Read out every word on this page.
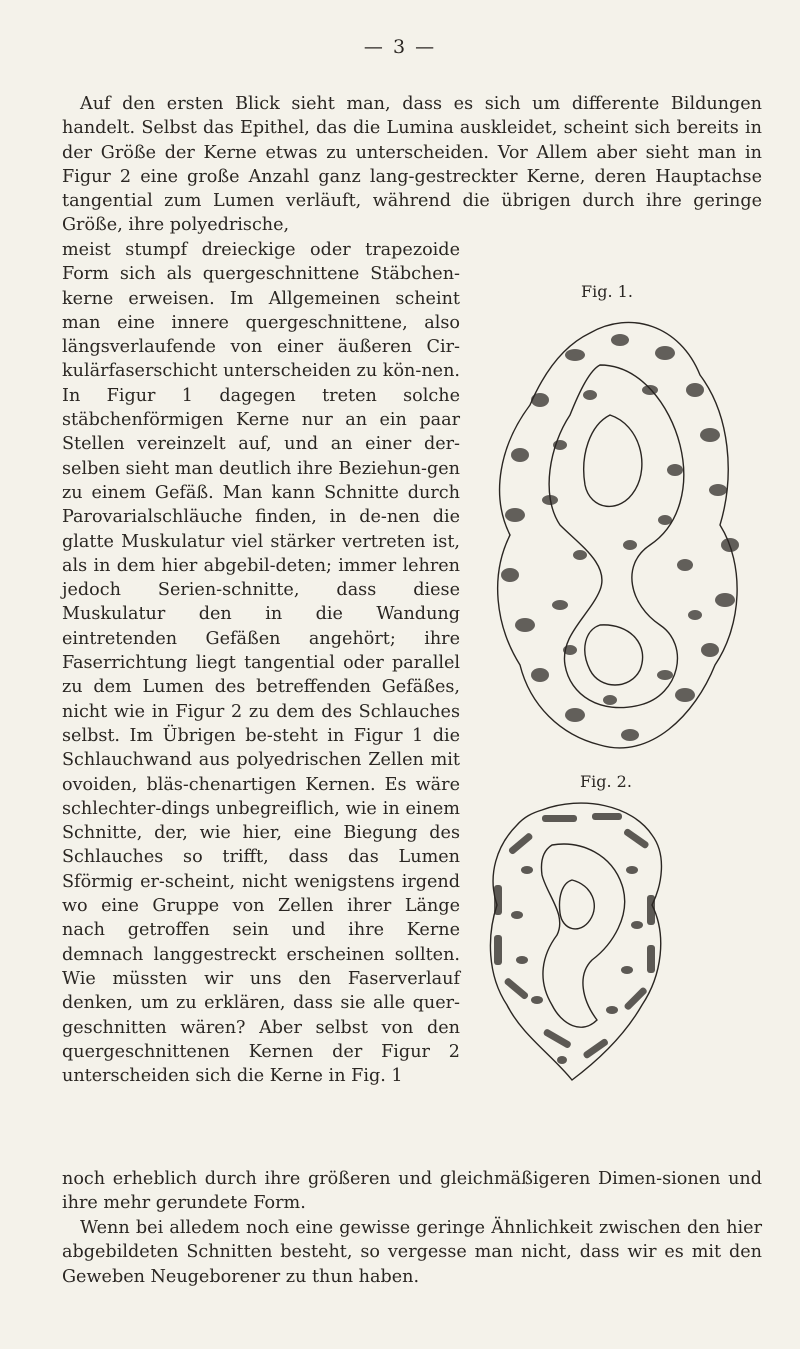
— 3 —

Auf den ersten Blick sieht man, dass es sich um differente Bildungen handelt. Selbst das Epithel, das die Lumina auskleidet, scheint sich bereits in der Größe der Kerne etwas zu unterscheiden. Vor Allem aber sieht man in Figur 2 eine große Anzahl ganz lang-gestreckter Kerne, deren Hauptachse tangential zum Lumen verläuft, während die übrigen durch ihre geringe Größe, ihre polyedrische,

meist stumpf dreieckige oder trapezoide Form sich als quergeschnittene Stäbchen-kerne erweisen. Im Allgemeinen scheint man eine innere quergeschnittene, also längsverlaufende von einer äußeren Cir-kulärfaserschicht unterscheiden zu kön-nen. In Figur 1 dagegen treten solche stäbchenförmigen Kerne nur an ein paar Stellen vereinzelt auf, und an einer der-selben sieht man deutlich ihre Beziehun-gen zu einem Gefäß. Man kann Schnitte durch Parovarialschläuche finden, in de-nen die glatte Muskulatur viel stärker vertreten ist, als in dem hier abgebil-deten; immer lehren jedoch Serien-schnitte, dass diese Muskulatur den in die Wandung eintretenden Gefäßen angehört; ihre Faserrichtung liegt tangential oder parallel zu dem Lumen des betreffenden Gefäßes, nicht wie in Figur 2 zu dem des Schlauches selbst. Im Übrigen be-steht in Figur 1 die Schlauchwand aus polyedrischen Zellen mit ovoiden, bläs-chenartigen Kernen. Es wäre schlechter-dings unbegreiflich, wie in einem Schnitte, der, wie hier, eine Biegung des Schlauches so trifft, dass das Lumen Sförmig er-scheint, nicht wenigstens irgend wo eine Gruppe von Zellen ihrer Länge nach getroffen sein und ihre Kerne demnach langgestreckt erscheinen sollten. Wie müssten wir uns den Faserverlauf denken, um zu erklären, dass sie alle quer-geschnitten wären? Aber selbst von den quergeschnittenen Kernen der Figur 2 unterscheiden sich die Kerne in Fig. 1

noch erheblich durch ihre größeren und gleichmäßigeren Dimen-sionen und ihre mehr gerundete Form.

Wenn bei alledem noch eine gewisse geringe Ähnlichkeit zwischen den hier abgebildeten Schnitten besteht, so vergesse man nicht, dass wir es mit den Geweben Neugeborener zu thun haben.

Fig. 1.
Fig. 2.
